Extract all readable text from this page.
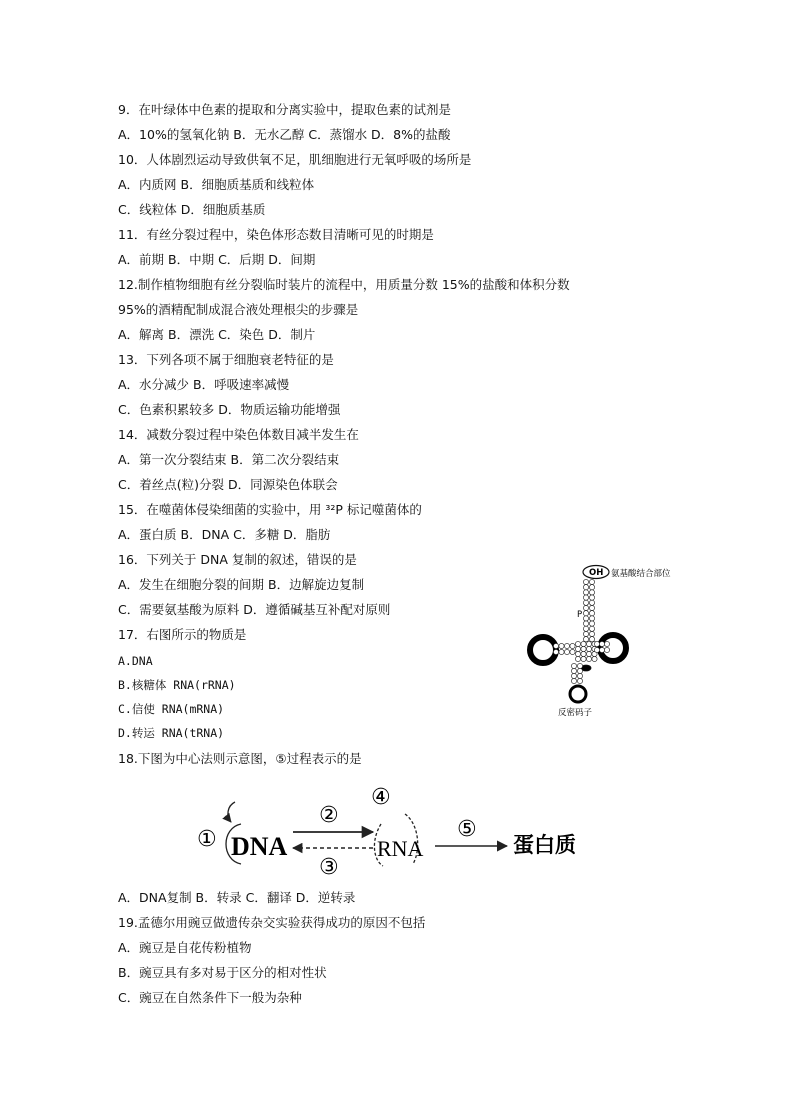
9．在叶绿体中色素的提取和分离实验中，提取色素的试剂是
A．10%的氢氧化钠 B．无水乙醇 C．蒸馏水 D．8%的盐酸
10．人体剧烈运动导致供氧不足，肌细胞进行无氧呼吸的场所是
A．内质网 B．细胞质基质和线粒体
C．线粒体 D．细胞质基质
11．有丝分裂过程中，染色体形态数目清晰可见的时期是
A．前期 B．中期 C．后期 D．间期
12.制作植物细胞有丝分裂临时装片的流程中，用质量分数 15%的盐酸和体积分数
95%的酒精配制成混合液处理根尖的步骤是
A．解离 B．漂洗 C．染色 D．制片
13．下列各项不属于细胞衰老特征的是
A．水分减少 B．呼吸速率减慢
C．色素积累较多 D．物质运输功能增强
14．减数分裂过程中染色体数目减半发生在
A．第一次分裂结束 B．第二次分裂结束
C．着丝点(粒)分裂 D．同源染色体联会
15．在噬菌体侵染细菌的实验中，用 ³²P 标记噬菌体的
A．蛋白质 B．DNA C．多糖 D．脂肪
16．下列关于 DNA 复制的叙述，错误的是
A．发生在细胞分裂的间期 B．边解旋边复制
C．需要氨基酸为原料 D．遵循碱基互补配对原则
17．右图所示的物质是
A.DNA
B.核糖体 RNA(rRNA)
C.信使 RNA(mRNA)
D.转运 RNA(tRNA)
18.下图为中心法则示意图，⑤过程表示的是
A．DNA复制 B．转录 C．翻译 D．逆转录
19.孟德尔用豌豆做遗传杂交实验获得成功的原因不包括
A．豌豆是自花传粉植物
B．豌豆具有多对易于区分的相对性状
C．豌豆在自然条件下一般为杂种
OH 氨基酸结合部位
P
反密码子
① DNA
②
③
④
RNA
⑤
蛋白质
